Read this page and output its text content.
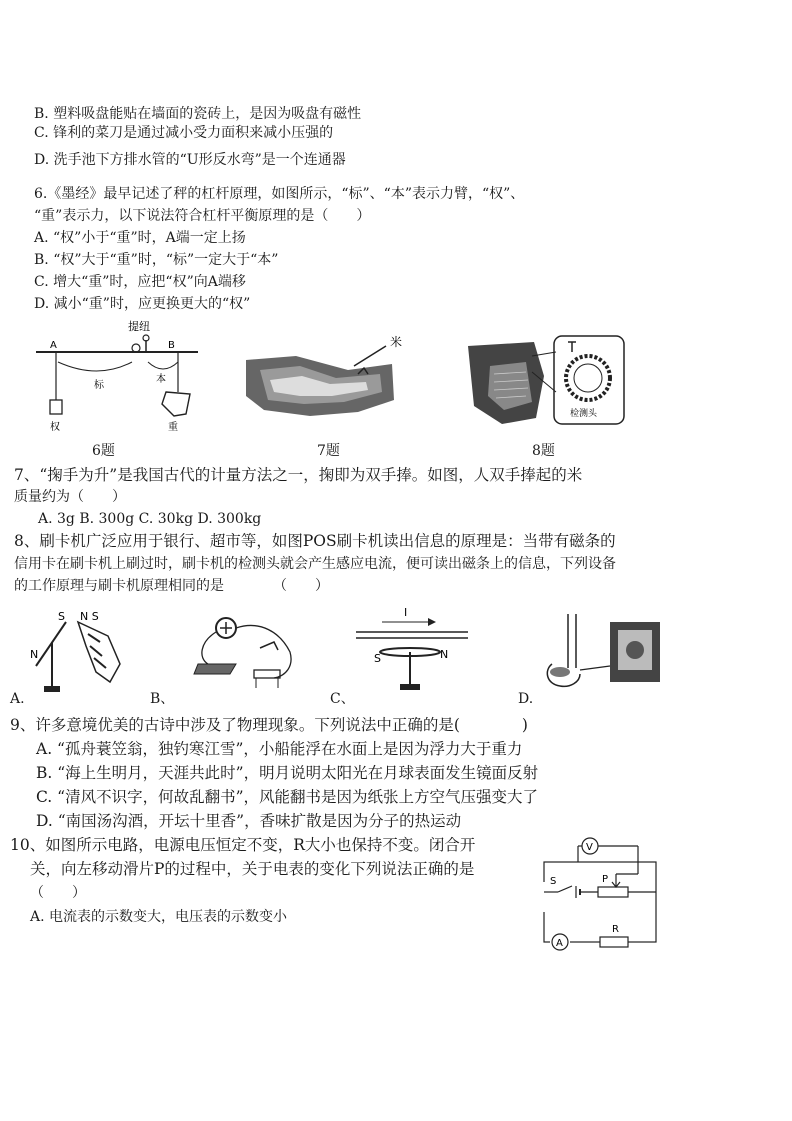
B. 塑料吸盘能贴在墙面的瓷砖上，是因为吸盘有磁性
C. 锋利的菜刀是通过减小受力面积来减小压强的
D. 洗手池下方排水管的“U形反水弯”是一个连通器
6.《墨经》最早记述了秤的杠杆原理，如图所示，“标”、“本”表示力臂，“权”、
“重”表示力，以下说法符合杠杆平衡原理的是（　　）
A. “权”小于“重”时，A端一定上扬
B. “权”大于“重”时，“标”一定大于“本”
C. 增大“重”时，应把“权”向A端移
D. 减小“重”时，应更换更大的“权”
提纽
A	B
标
本
权	重
6题
米
7题
检测头
8题
7、“掬手为升”是我国古代的计量方法之一，掬即为双手捧。如图，人双手捧起的米
质量约为（　　）
A. 3g B. 300g C. 30kg D. 300kg
8、刷卡机广泛应用于银行、超市等，如图POS刷卡机读出信息的原理是：当带有磁条的
信用卡在刷卡机上刷过时，刷卡机的检测头就会产生感应电流，便可读出磁条上的信息，下列设备
的工作原理与刷卡机原理相同的是　　　　（　　）
S
N
N S
A.	B、
I
S	N
C、	D.
9、许多意境优美的古诗中涉及了物理现象。下列说法中正确的是(　　　　)
A. “孤舟蓑笠翁，独钓寒江雪”，小船能浮在水面上是因为浮力大于重力
B. “海上生明月，天涯共此时”，明月说明太阳光在月球表面发生镜面反射
C. “清风不识字，何故乱翻书”，风能翻书是因为纸张上方空气压强变大了
D. “南国汤沟酒，开坛十里香”，香味扩散是因为分子的热运动
10、如图所示电路，电源电压恒定不变，R大小也保持不变。闭合开
关，向左移动滑片P的过程中，关于电表的变化下列说法正确的是
（　　）
A. 电流表的示数变大，电压表的示数变小
V
S	P
A
R
